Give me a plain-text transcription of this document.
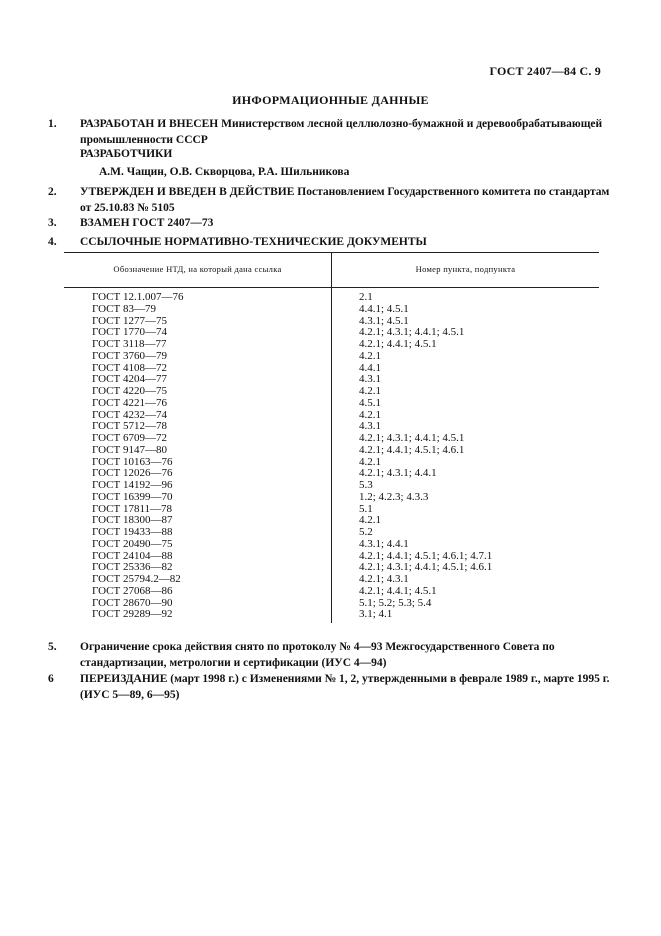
ГОСТ 2407—84 С. 9
ИНФОРМАЦИОННЫЕ ДАННЫЕ
1. РАЗРАБОТАН И ВНЕСЕН Министерством лесной целлюлозно-бумажной и деревообрабатывающей промышленности СССР
РАЗРАБОТЧИКИ
А.М. Чащин, О.В. Скворцова, Р.А. Шильникова
2. УТВЕРЖДЕН И ВВЕДЕН В ДЕЙСТВИЕ Постановлением Государственного комитета по стандартам от 25.10.83 № 5105
3. ВЗАМЕН ГОСТ 2407—73
4. ССЫЛОЧНЫЕ НОРМАТИВНО-ТЕХНИЧЕСКИЕ ДОКУМЕНТЫ
Обозначение НТД, на который дана ссылка	Номер пункта, подпункта
ГОСТ 12.1.007—76
ГОСТ 83—79
ГОСТ 1277—75
ГОСТ 1770—74
ГОСТ 3118—77
ГОСТ 3760—79
ГОСТ 4108—72
ГОСТ 4204—77
ГОСТ 4220—75
ГОСТ 4221—76
ГОСТ 4232—74
ГОСТ 5712—78
ГОСТ 6709—72
ГОСТ 9147—80
ГОСТ 10163—76
ГОСТ 12026—76
ГОСТ 14192—96
ГОСТ 16399—70
ГОСТ 17811—78
ГОСТ 18300—87
ГОСТ 19433—88
ГОСТ 20490—75
ГОСТ 24104—88
ГОСТ 25336—82
ГОСТ 25794.2—82
ГОСТ 27068—86
ГОСТ 28670—90
ГОСТ 29289—92
2.1
4.4.1; 4.5.1
4.3.1; 4.5.1
4.2.1; 4.3.1; 4.4.1; 4.5.1
4.2.1; 4.4.1; 4.5.1
4.2.1
4.4.1
4.3.1
4.2.1
4.5.1
4.2.1
4.3.1
4.2.1; 4.3.1; 4.4.1; 4.5.1
4.2.1; 4.4.1; 4.5.1; 4.6.1
4.2.1
4.2.1; 4.3.1; 4.4.1
5.3
1.2; 4.2.3; 4.3.3
5.1
4.2.1
5.2
4.3.1; 4.4.1
4.2.1; 4.4.1; 4.5.1; 4.6.1; 4.7.1
4.2.1; 4.3.1; 4.4.1; 4.5.1; 4.6.1
4.2.1; 4.3.1
4.2.1; 4.4.1; 4.5.1
5.1; 5.2; 5.3; 5.4
3.1; 4.1
5. Ограничение срока действия снято по протоколу № 4—93 Межгосударственного Совета по стандартизации, метрологии и сертификации (ИУС 4—94)
6 ПЕРЕИЗДАНИЕ (март 1998 г.) с Изменениями № 1, 2, утвержденными в феврале 1989 г., марте 1995 г. (ИУС 5—89, 6—95)
